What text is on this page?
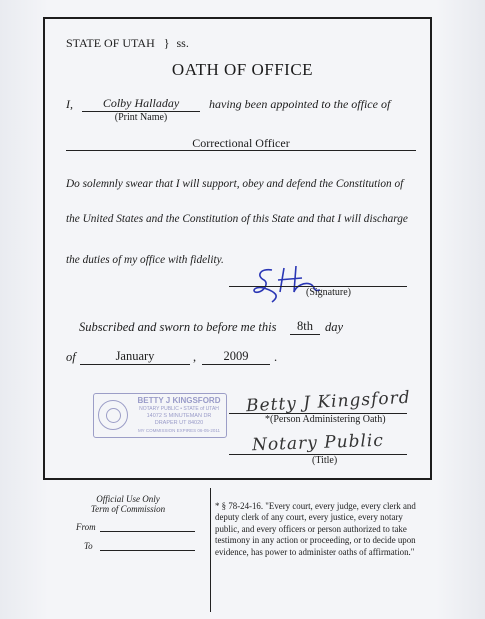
STATE OF UTAH } ss.
OATH OF OFFICE
I,	Colby Halladay
(Print Name)
having been appointed to the office of
Correctional Officer
Do solemnly swear that I will support, obey and defend the Constitution of
the United States and the Constitution of this State and that I will discharge
the duties of my office with fidelity.
(Signature)
Subscribed and sworn to before me this	8th day
of	January	,	2009	.
BETTY J KINGSFORD
NOTARY PUBLIC • STATE of UTAH
14072 S MINUTEMAN DR
DRAPER UT 84020
MY COMMISSION EXPIRES 06-05-2011
Betty J Kingsford
*(Person Administering Oath)
Notary Public
(Title)
Official Use Only
Term of Commission
From
To
* § 78-24-16. "Every court, every judge, every clerk and deputy clerk of any court, every justice, every notary public, and every officers or person authorized to take testimony in any action or proceeding, or to decide upon evidence, has power to administer oaths of affirmation."
